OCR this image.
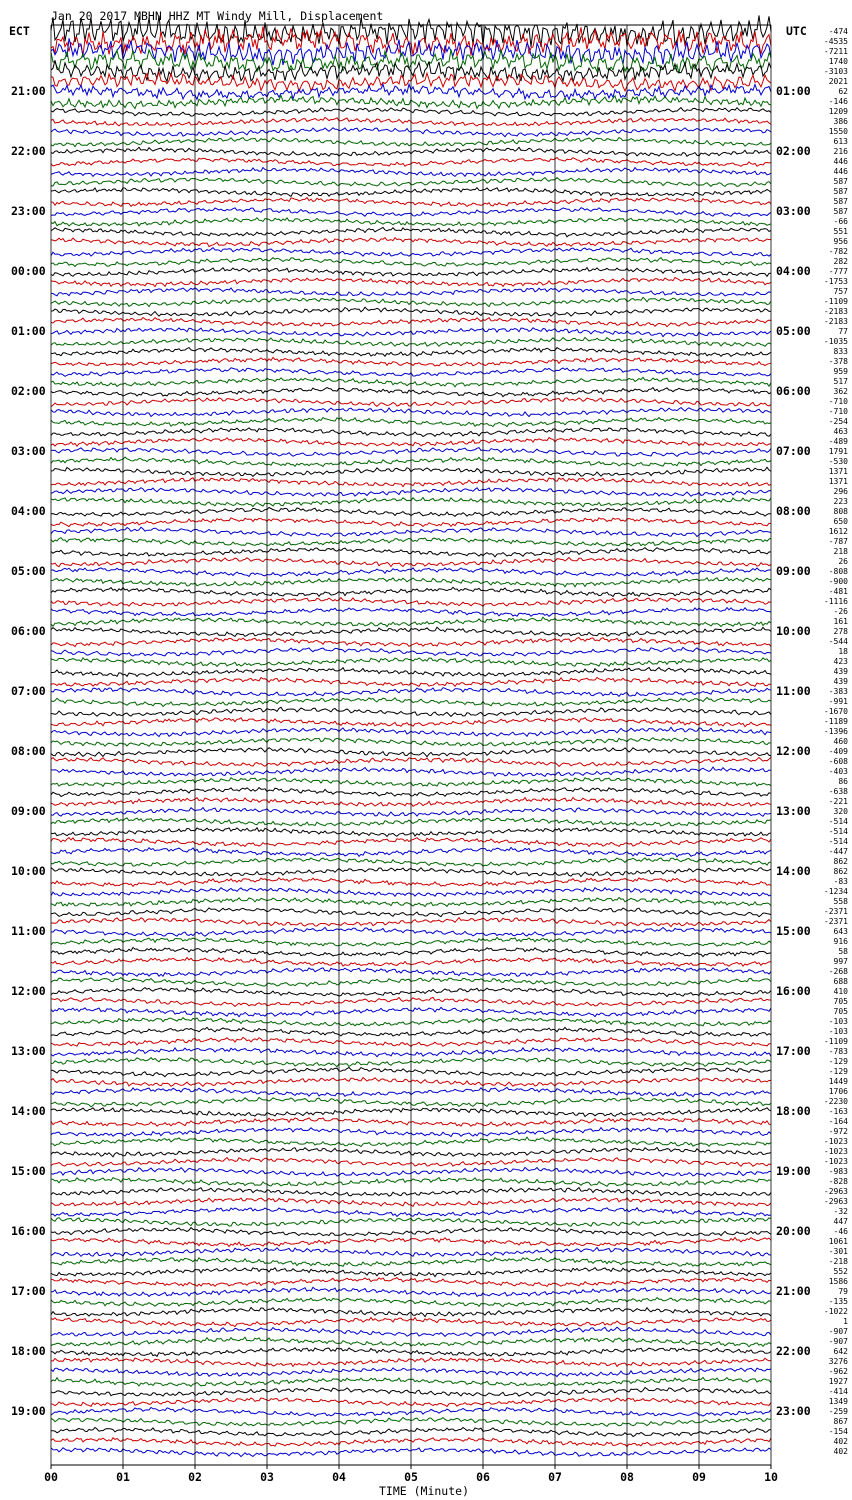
Jan 20 2017 MBHN HHZ MT Windy Mill, Displacement
ECT	UTC
21:00
22:00
23:00
00:00
01:00
02:00
03:00
04:00
05:00
06:00
07:00
08:00
09:00
10:00
11:00
12:00
13:00
14:00
15:00
16:00
17:00
18:00
19:00
01:00
02:00
03:00
04:00
05:00
06:00
07:00
08:00
09:00
10:00
11:00
12:00
13:00
14:00
15:00
16:00
17:00
18:00
19:00
20:00
21:00
22:00
23:00
-474
-4535
-7211
1740
-3103
2021
62
-146
1209
386
1550
613
216
446
446
587
587
587
587
-66
551
956
-782
282
-777
-1753
757
-1109
-2183
-2183
77
-1035
833
-378
959
517
362
-710
-710
-254
463
-489
1791
-530
1371
1371
296
223
808
650
1612
-787
218
26
-808
-900
-481
-1116
-26
161
278
-544
18
423
439
439
-383
-991
-1670
-1189
-1396
460
-409
-608
-403
86
-638
-221
320
-514
-514
-514
-447
862
862
-83
-1234
558
-2371
-2371
643
916
58
997
-268
688
410
705
705
-103
-103
-1109
-783
-129
-129
1449
1706
-2230
-163
-164
-972
-1023
-1023
-1023
-983
-828
-2963
-2963
-32
447
-46
1061
-301
-218
552
1586
79
-135
-1022
1
-907
-907
642
3276
-962
1927
-414
1349
-259
867
-154
402
402
00	01	02	03	04	05	06	07	08	09	10
TIME (Minute)
